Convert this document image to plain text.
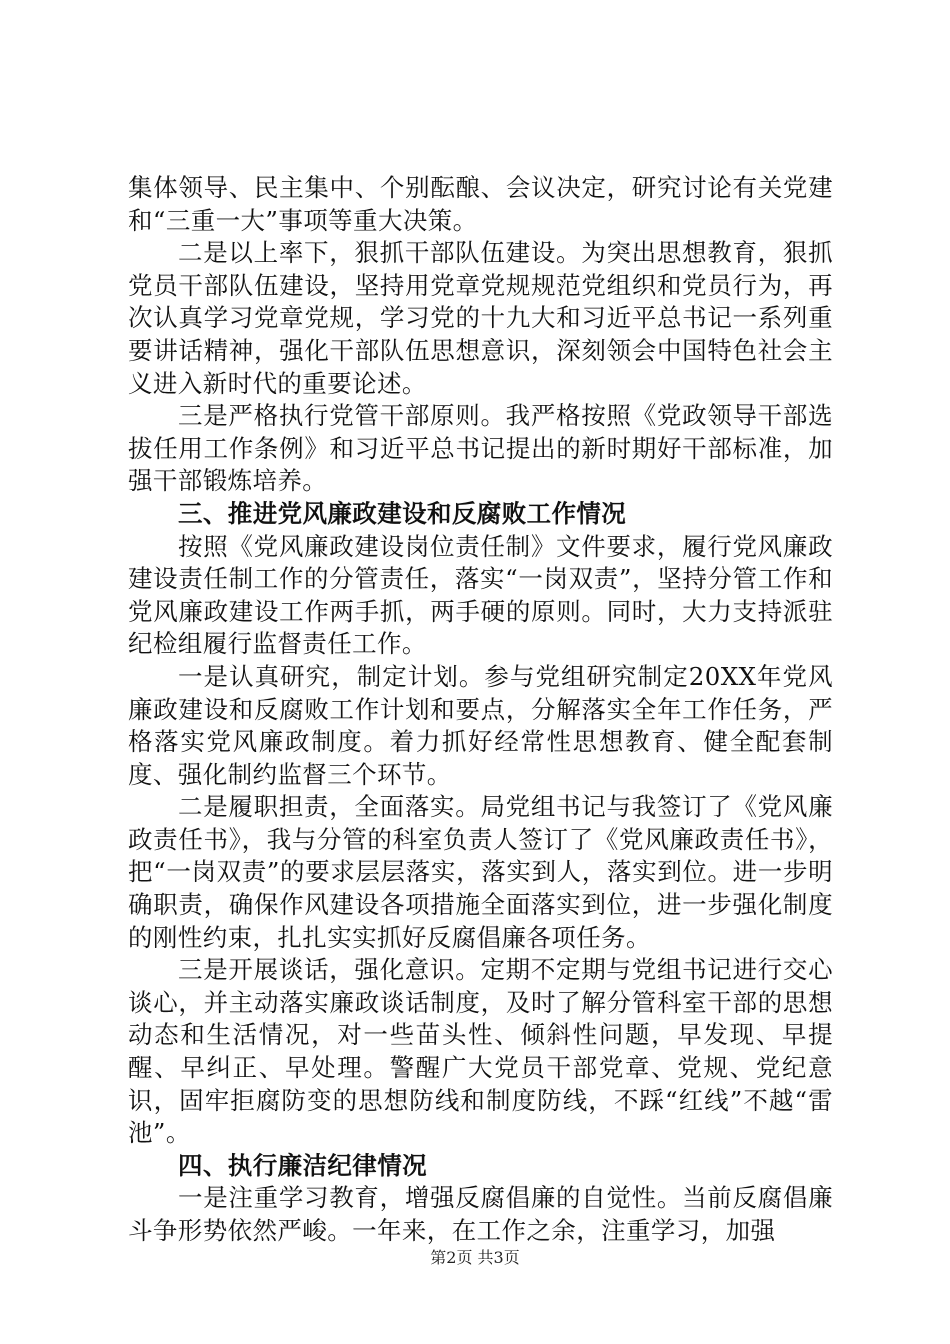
集体领导、民主集中、个别酝酿、会议决定，研究讨论有关党建和“三重一大”事项等重大决策。

二是以上率下，狠抓干部队伍建设。为突出思想教育，狠抓党员干部队伍建设，坚持用党章党规规范党组织和党员行为，再次认真学习党章党规，学习党的十九大和习近平总书记一系列重要讲话精神，强化干部队伍思想意识，深刻领会中国特色社会主义进入新时代的重要论述。

三是严格执行党管干部原则。我严格按照《党政领导干部选拔任用工作条例》和习近平总书记提出的新时期好干部标准，加强干部锻炼培养。

三、推进党风廉政建设和反腐败工作情况

按照《党风廉政建设岗位责任制》文件要求，履行党风廉政建设责任制工作的分管责任，落实“一岗双责”，坚持分管工作和党风廉政建设工作两手抓，两手硬的原则。同时，大力支持派驻纪检组履行监督责任工作。

一是认真研究，制定计划。参与党组研究制定20XX年党风廉政建设和反腐败工作计划和要点，分解落实全年工作任务，严格落实党风廉政制度。着力抓好经常性思想教育、健全配套制度、强化制约监督三个环节。

二是履职担责，全面落实。局党组书记与我签订了《党风廉政责任书》，我与分管的科室负责人签订了《党风廉政责任书》，把“一岗双责”的要求层层落实，落实到人，落实到位。进一步明确职责，确保作风建设各项措施全面落实到位，进一步强化制度的刚性约束，扎扎实实抓好反腐倡廉各项任务。

三是开展谈话，强化意识。定期不定期与党组书记进行交心谈心，并主动落实廉政谈话制度，及时了解分管科室干部的思想动态和生活情况，对一些苗头性、倾斜性问题，早发现、早提醒、早纠正、早处理。警醒广大党员干部党章、党规、党纪意识，固牢拒腐防变的思想防线和制度防线，不踩“红线”不越“雷池”。

四、执行廉洁纪律情况

一是注重学习教育，增强反腐倡廉的自觉性。当前反腐倡廉斗争形势依然严峻。一年来，在工作之余，注重学习，加强

第2页 共3页
